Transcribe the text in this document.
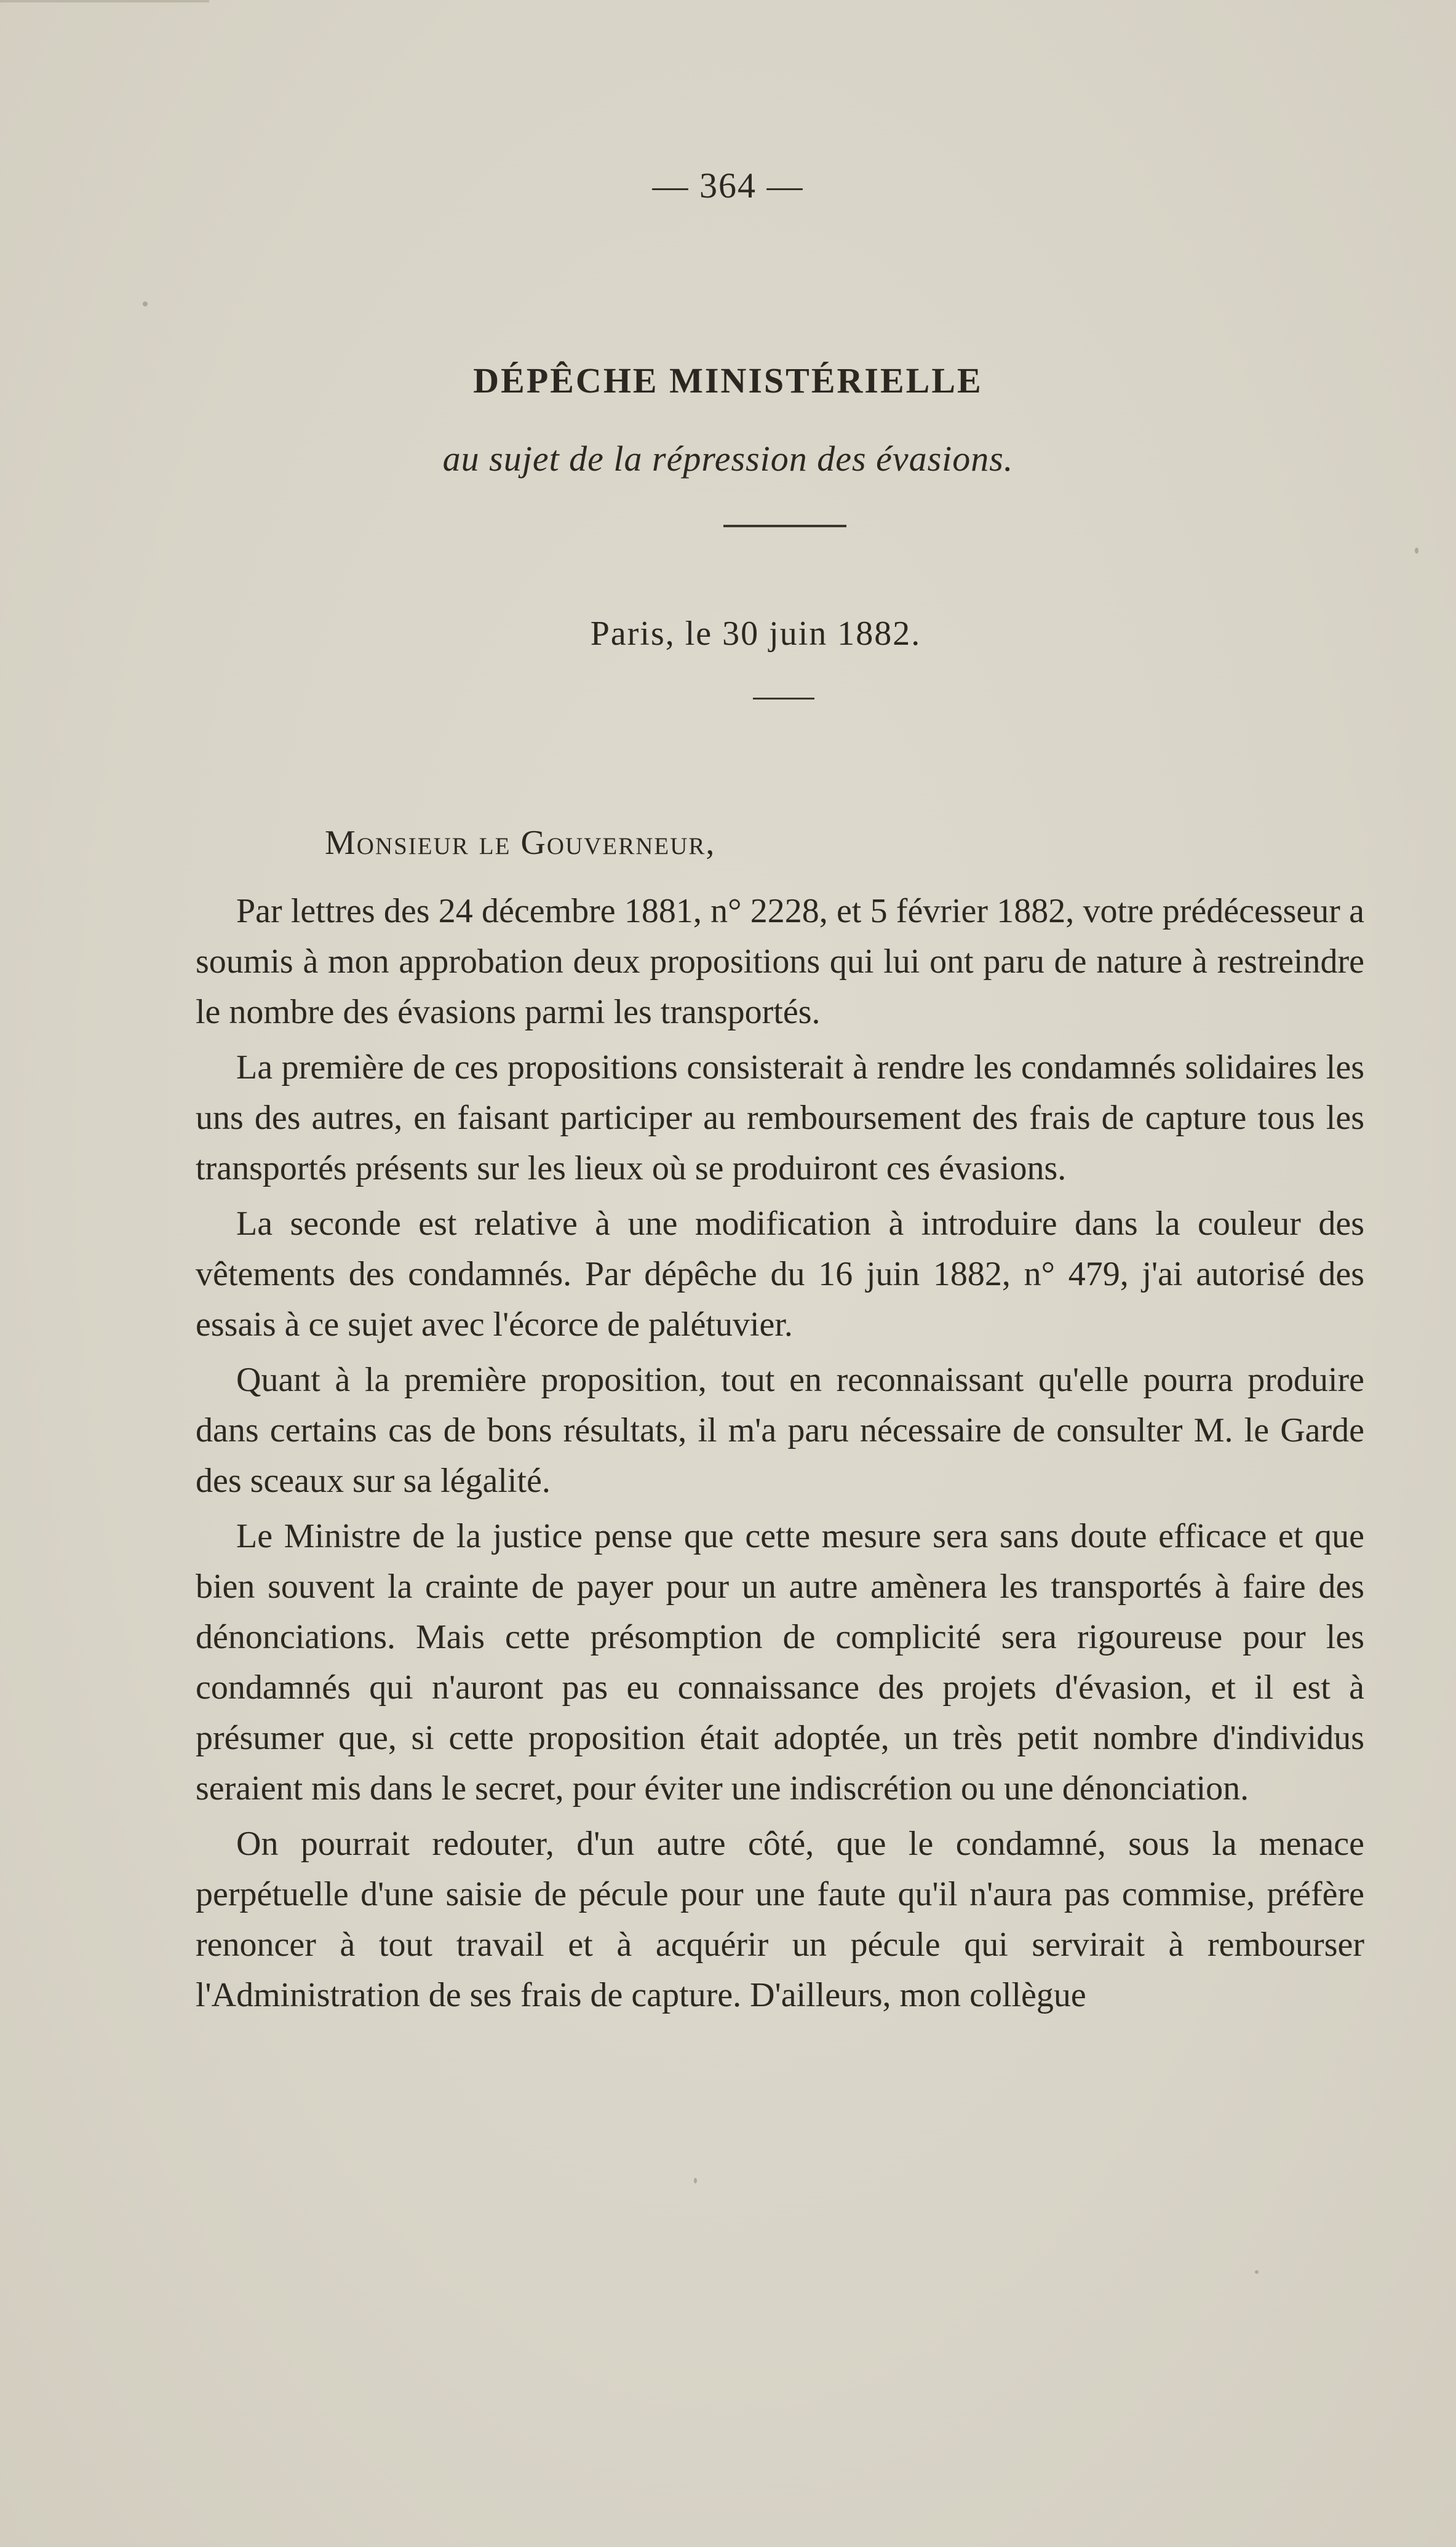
— 364 —
DÉPÊCHE MINISTÉRIELLE
au sujet de la répression des évasions.
Paris, le 30 juin 1882.
Monsieur le Gouverneur,

Par lettres des 24 décembre 1881, n° 2228, et 5 février 1882, votre prédécesseur a soumis à mon approbation deux propositions qui lui ont paru de nature à restreindre le nombre des évasions parmi les transportés.

La première de ces propositions consisterait à rendre les condamnés solidaires les uns des autres, en faisant participer au remboursement des frais de capture tous les transportés présents sur les lieux où se produiront ces évasions.

La seconde est relative à une modification à introduire dans la couleur des vêtements des condamnés. Par dépêche du 16 juin 1882, n° 479, j'ai autorisé des essais à ce sujet avec l'écorce de palétuvier.

Quant à la première proposition, tout en reconnaissant qu'elle pourra produire dans certains cas de bons résultats, il m'a paru nécessaire de consulter M. le Garde des sceaux sur sa légalité.

Le Ministre de la justice pense que cette mesure sera sans doute efficace et que bien souvent la crainte de payer pour un autre amènera les transportés à faire des dénonciations. Mais cette présomption de complicité sera rigoureuse pour les condamnés qui n'auront pas eu connaissance des projets d'évasion, et il est à présumer que, si cette proposition était adoptée, un très petit nombre d'individus seraient mis dans le secret, pour éviter une indiscrétion ou une dénonciation.

On pourrait redouter, d'un autre côté, que le condamné, sous la menace perpétuelle d'une saisie de pécule pour une faute qu'il n'aura pas commise, préfère renoncer à tout travail et à acquérir un pécule qui servirait à rembourser l'Administration de ses frais de capture. D'ailleurs, mon collègue
